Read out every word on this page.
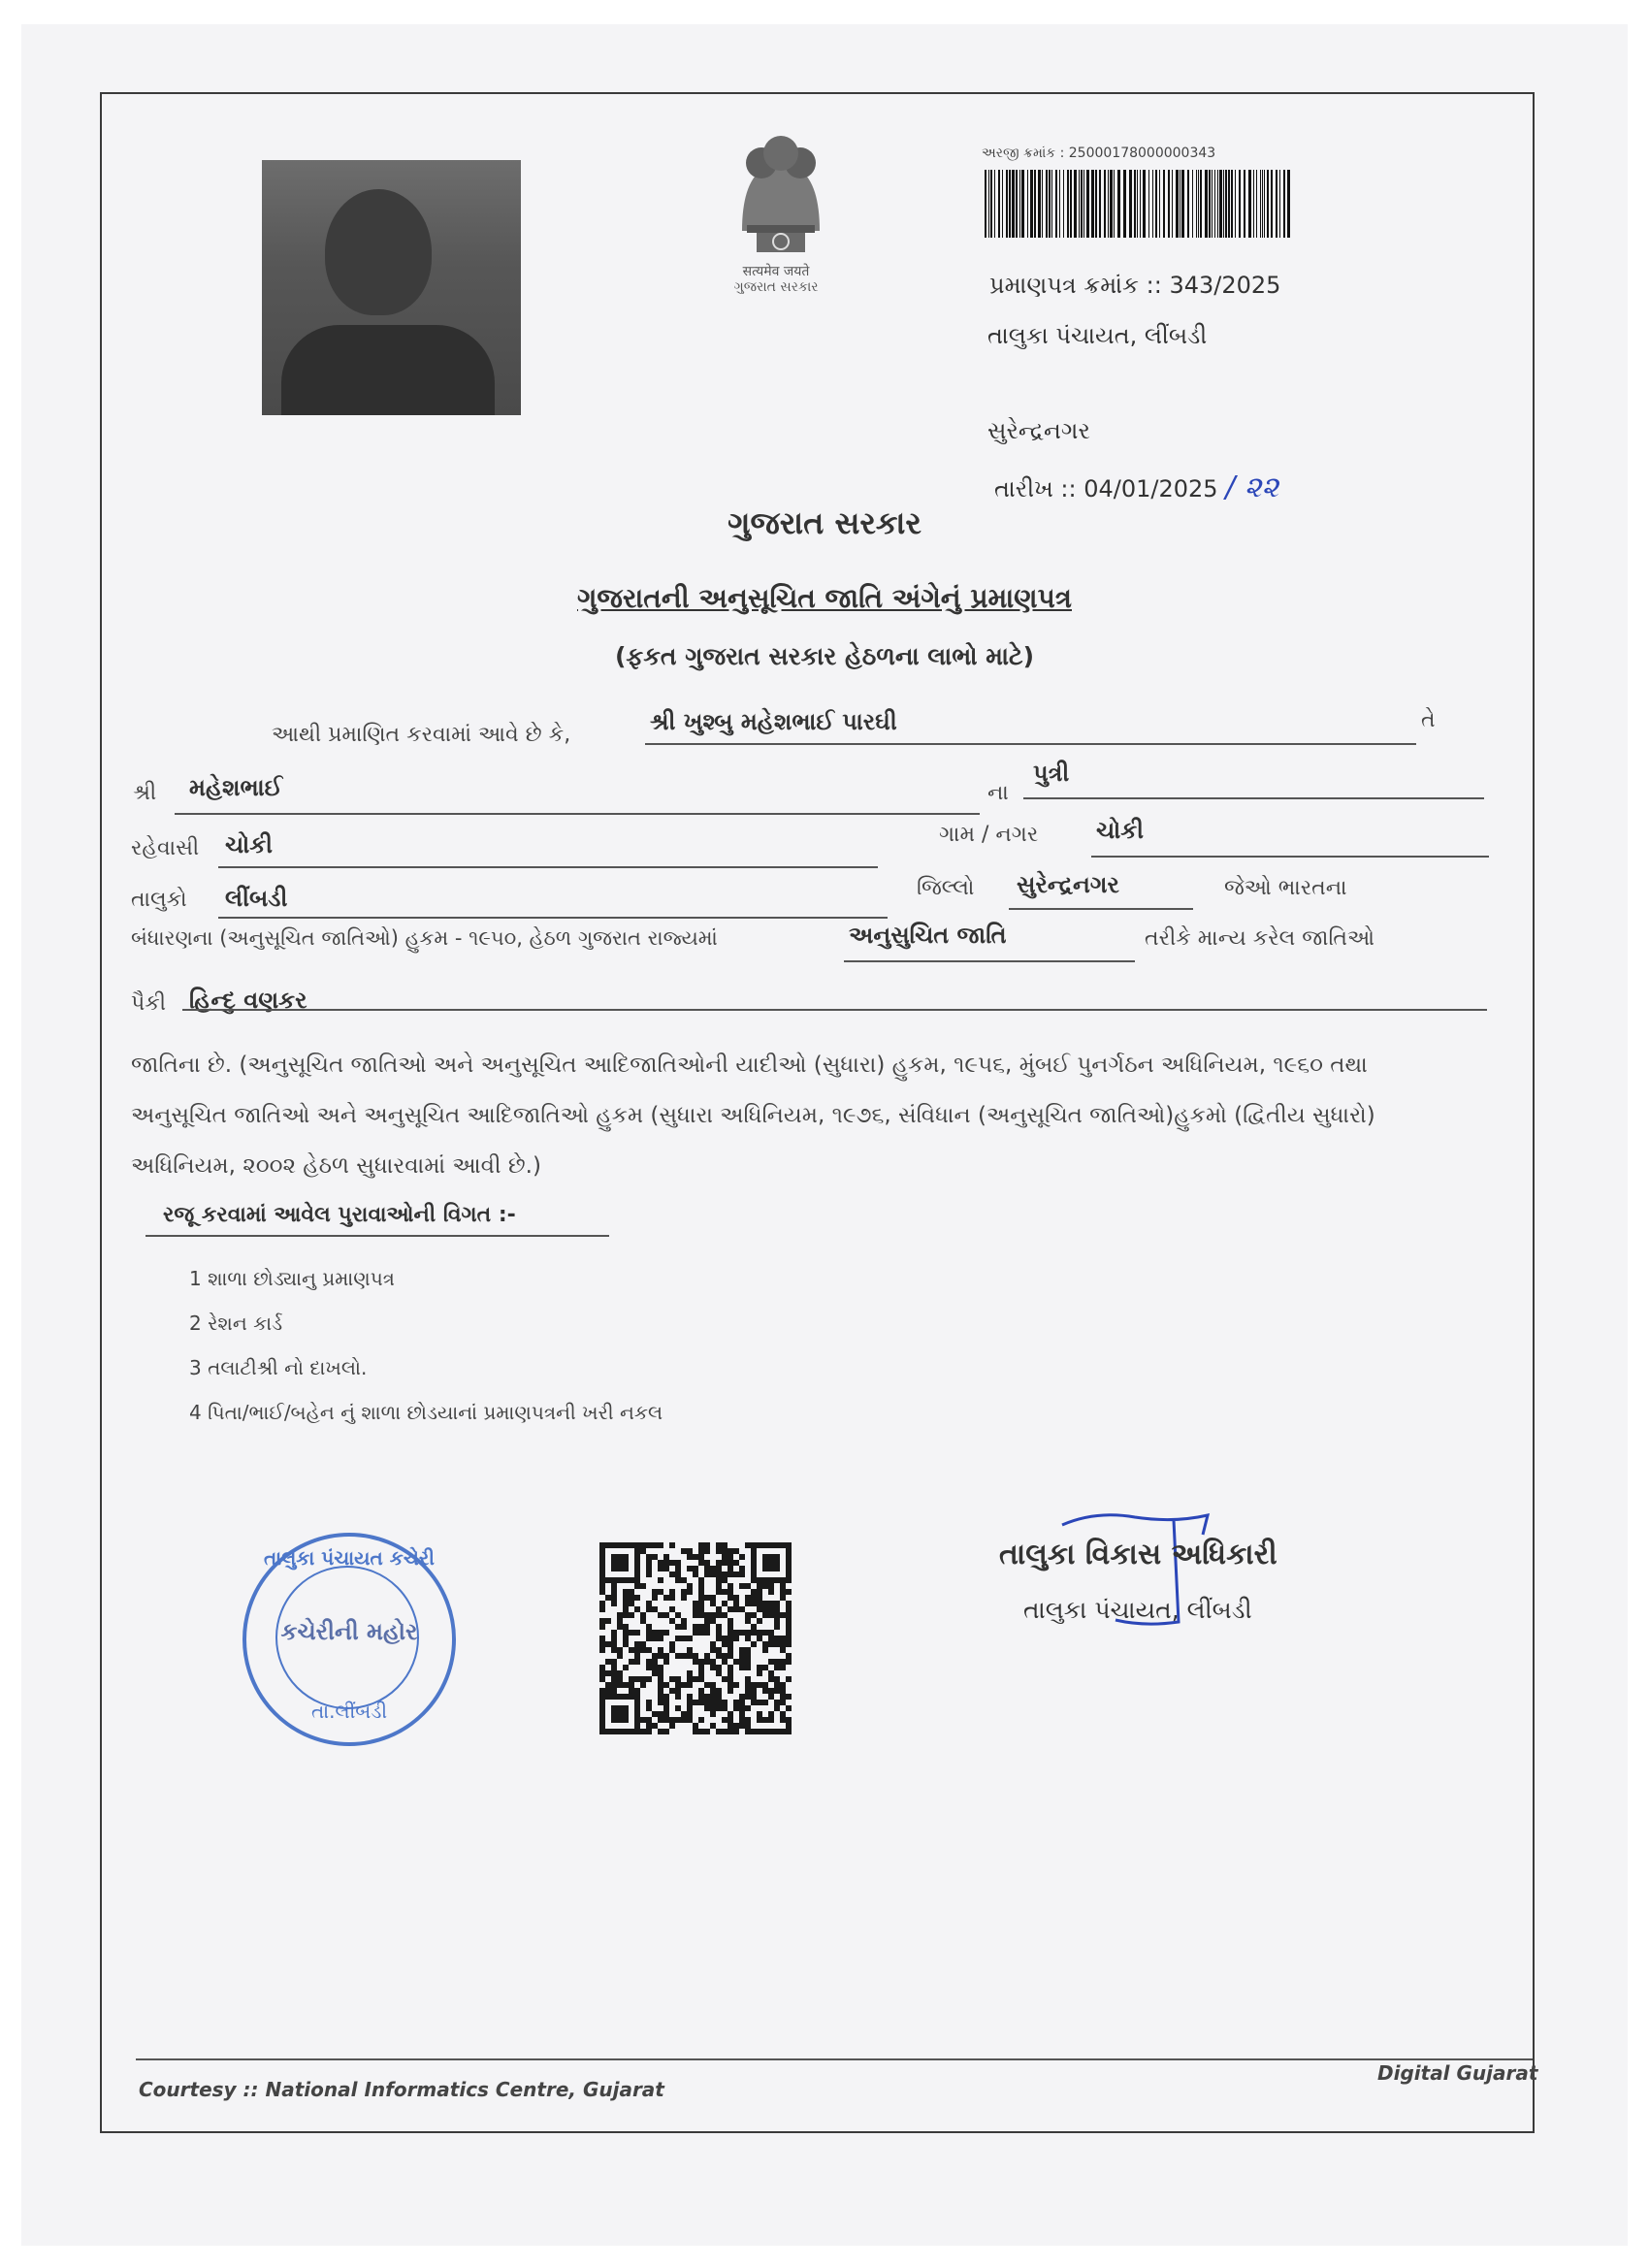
सत्यमेव जयते
ગુજરાત સરકાર
અરજી ક્રમાંક : 25000178000000343
પ્રમાણપત્ર ક્રમાંક :: 343/2025
તાલુકા પંચાયત, લીંબડી
સુરેન્દ્રનગર
તારીખ :: 04/01/2025 / ૨૨
ગુજરાત સરકાર
ગુજરાતની અનુસૂચિત જાતિ અંગેનું પ્રમાણપત્ર
(ફકત ગુજરાત સરકાર હેઠળના લાભો માટે)
આથી પ્રમાણિત કરવામાં આવે છે કે,	શ્રી ખુશ્બુ મહેશભાઈ પારઘી	તે
શ્રી મહેશભાઈ	ના
પુત્રી
રહેવાસી ચોકી	ગામ / નગર ચોકી
તાલુકો લીંબડી	જિલ્લો સુરેન્દ્રનગર	જેઓ ભારતના
બંધારણના (અનુસૂચિત જાતિઓ) હુકમ - ૧૯૫૦, હેઠળ ગુજરાત રાજ્યમાં	અનુસુચિત જાતિ	તરીકે માન્ય કરેલ જાતિઓ
પૈકી હિન્દુ વણકર
જાતિના છે. (અનુસૂચિત જાતિઓ અને અનુસૂચિત આદિજાતિઓની યાદીઓ (સુધારા) હુકમ, ૧૯૫૬, મુંબઈ પુનર્ગઠન અધિનિયમ, ૧૯૬૦ તથા
અનુસૂચિત જાતિઓ અને અનુસૂચિત આદિજાતિઓ હુકમ (સુધારા અધિનિયમ, ૧૯૭૬, સંવિધાન (અનુસૂચિત જાતિઓ)હુકમો (દ્વિતીય સુધારો)
અધિનિયમ, ૨૦૦૨ હેઠળ સુધારવામાં આવી છે.)
રજૂ કરવામાં આવેલ પુરાવાઓની વિગત :-
1 શાળા છોડ્યાનુ પ્રમાણપત્ર
2 રેશન કાર્ડ
3 તલાટીશ્રી નો દાખલો.
4 પિતા/ભાઈ/બહેન નું શાળા છોડયાનાં પ્રમાણપત્રની ખરી નકલ
તાલુકા પંચાયત કચેરી
કચેરીની મહોર
તા.લીંબડી
તાલુકા વિકાસ અધિકારી
તાલુકા પંચાયત, લીંબડી
Courtesy :: National Informatics Centre, Gujarat
Digital Gujarat
